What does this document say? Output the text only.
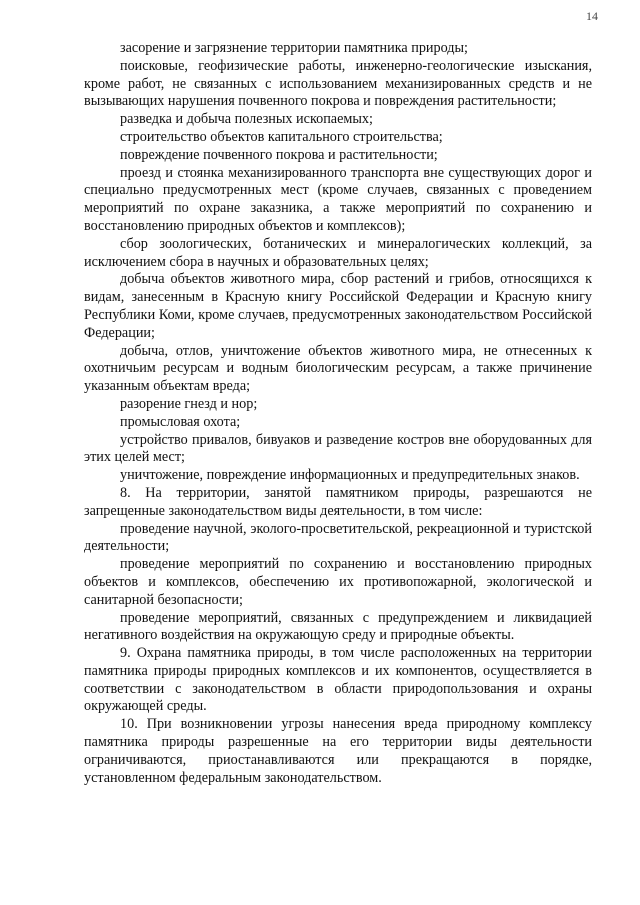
14

засорение и загрязнение территории памятника природы;

поисковые, геофизические работы, инженерно-геологические изыскания, кроме работ, не связанных с использованием механизированных средств и не вызывающих нарушения почвенного покрова и повреждения растительности;

разведка и добыча полезных ископаемых;

строительство объектов капитального строительства;

повреждение почвенного покрова и растительности;

проезд и стоянка механизированного транспорта вне существующих дорог и специально предусмотренных мест (кроме случаев, связанных с проведением мероприятий по охране заказника, а также мероприятий по сохранению и восстановлению природных объектов и комплексов);

сбор зоологических, ботанических и минералогических коллекций, за исключением сбора в научных и образовательных целях;

добыча объектов животного мира, сбор растений и грибов, относящихся к видам, занесенным в Красную книгу Российской Федерации и Красную книгу Республики Коми, кроме случаев, предусмотренных законодательством Российской Федерации;

добыча, отлов, уничтожение объектов животного мира, не отнесенных к охотничьим ресурсам и водным биологическим ресурсам, а также причинение указанным объектам вреда;

разорение гнезд и нор;

промысловая охота;

устройство привалов, бивуаков и разведение костров вне оборудованных для этих целей мест;

уничтожение, повреждение информационных и предупредительных знаков.

8. На территории, занятой памятником природы, разрешаются не запрещенные законодательством виды деятельности, в том числе:

проведение научной, эколого-просветительской, рекреационной и туристской деятельности;

проведение мероприятий по сохранению и восстановлению природных объектов и комплексов, обеспечению их противопожарной, экологической и санитарной безопасности;

проведение мероприятий, связанных с предупреждением и ликвидацией негативного воздействия на окружающую среду и природные объекты.

9. Охрана памятника природы, в том числе расположенных на территории памятника природы природных комплексов и их компонентов, осуществляется в соответствии с законодательством в области природопользования и охраны окружающей среды.

10. При возникновении угрозы нанесения вреда природному комплексу памятника природы разрешенные на его территории виды деятельности ограничиваются, приостанавливаются или прекращаются в порядке, установленном федеральным законодательством.
